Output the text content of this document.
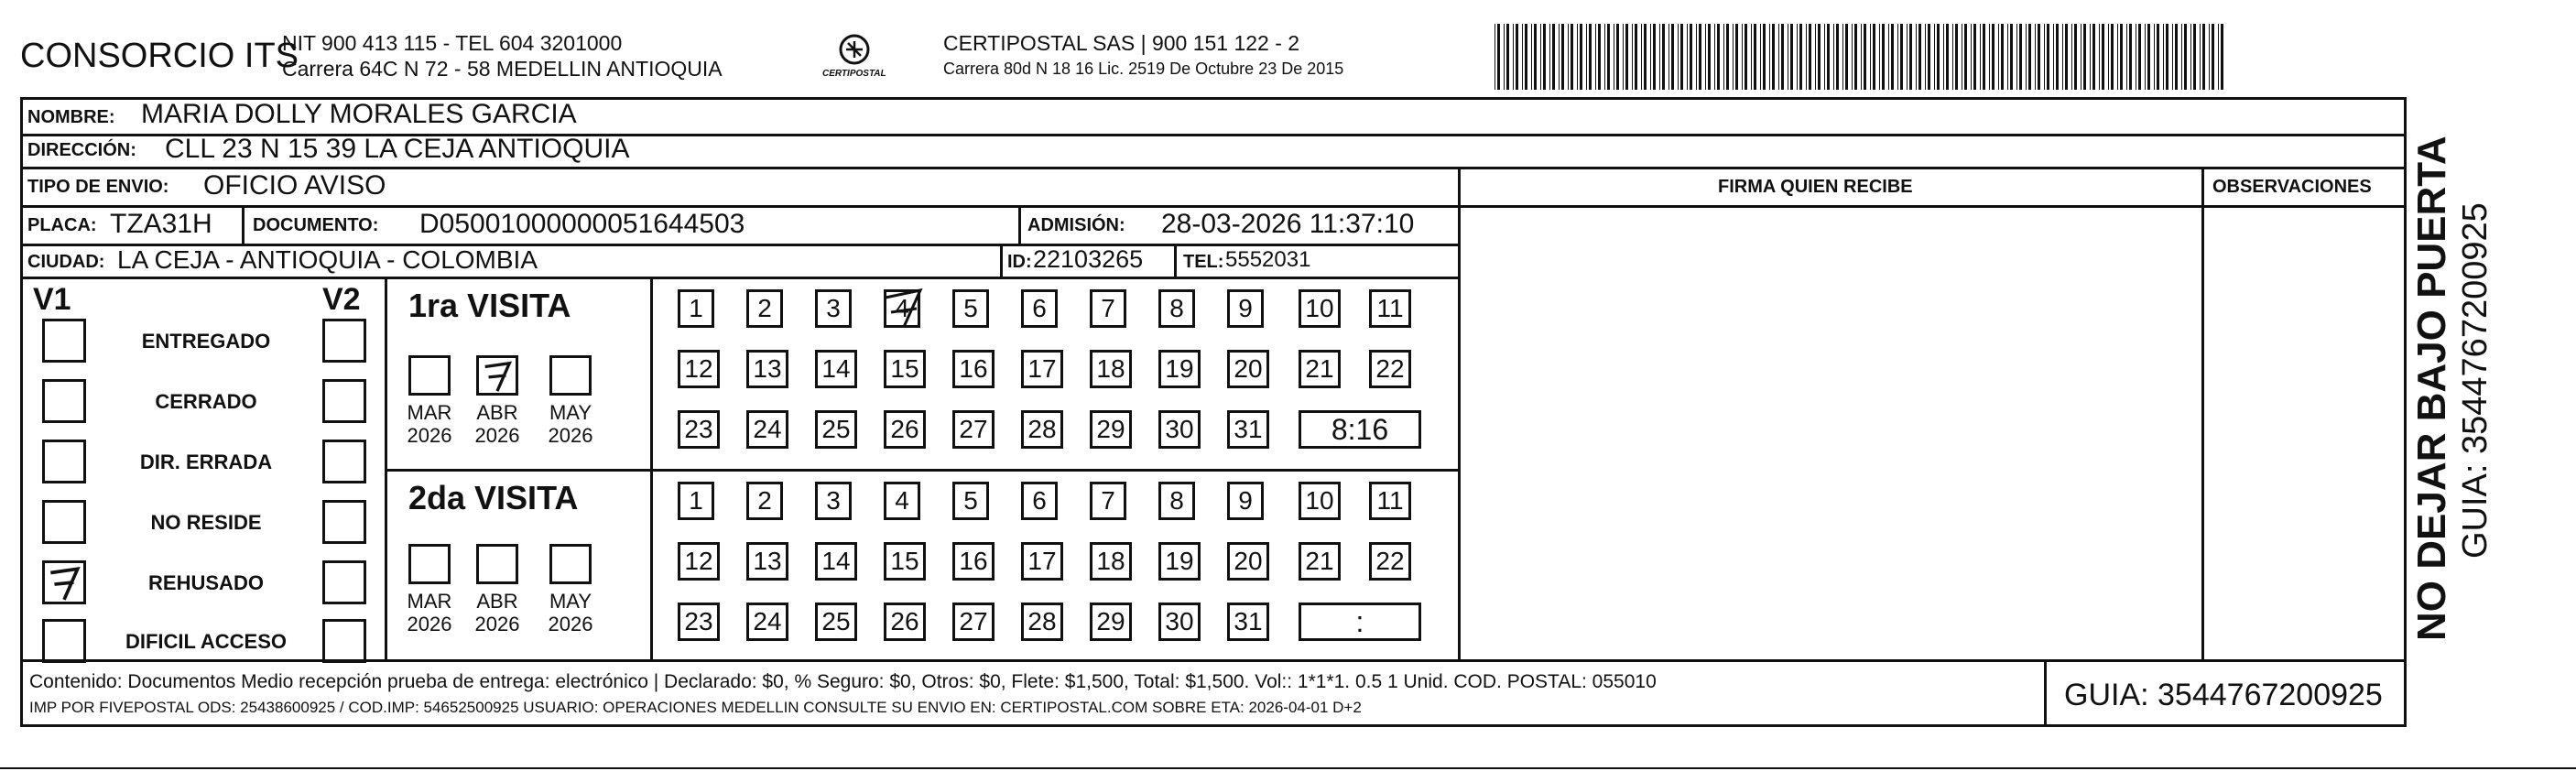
CONSORCIO ITS
NIT 900 413 115 - TEL 604 3201000
Carrera 64C N 72 - 58 MEDELLIN ANTIOQUIA	CERTIPOSTAL
CERTIPOSTAL SAS | 900 151 122 - 2
Carrera 80d N 18 16 Lic. 2519 De Octubre 23 De 2015
NOMBRE: MARIA DOLLY MORALES GARCIA
DIRECCIÓN: CLL 23 N 15 39 LA CEJA ANTIOQUIA
TIPO DE ENVIO: OFICIO AVISO	FIRMA QUIEN RECIBE	OBSERVACIONES
PLACA: TZA31H DOCUMENTO: D05001000000051644503	ADMISIÓN: 28-03-2026 11:37:10
CIUDAD: LA CEJA - ANTIOQUIA - COLOMBIA	ID: 22103265 TEL: 5552031
V1	V2
ENTREGADO
CERRADO
DIR. ERRADA
NO RESIDE
REHUSADO
DIFICIL ACCESO
1ra VISITA
MAR
2026
ABR
2026
MAY
2026
2da VISITA
MAR
2026
ABR
2026
MAY
2026
1	2	3	4	5	6	7	8	9	10	11
12 13 14 15 16 17 18 19 20 21 22
23 24 25 26 27 28 29 30 31	8:16
1	2	3	4	5	6	7	8	9	10	11
12 13 14 15 16 17 18 19 20 21 22
23 24 25 26 27 28 29 30 31	:
Contenido: Documentos Medio recepción prueba de entrega: electrónico | Declarado: $0, % Seguro: $0, Otros: $0, Flete: $1,500, Total: $1,500. Vol:: 1*1*1. 0.5 1 Unid. COD. POSTAL: 055010
IMP POR FIVEPOSTAL ODS: 25438600925 / COD.IMP: 54652500925 USUARIO: OPERACIONES MEDELLIN CONSULTE SU ENVIO EN: CERTIPOSTAL.COM SOBRE ETA: 2026-04-01 D+2	GUIA: 3544767200925
NO DEJAR BAJO PUERTA GUIA: 3544767200925
